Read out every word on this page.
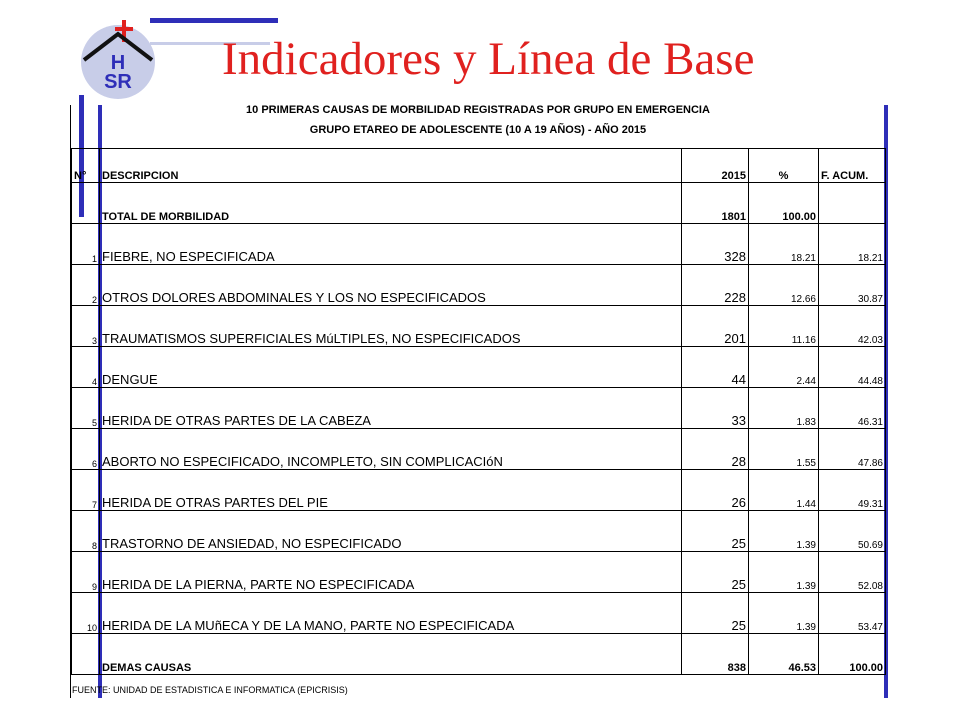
H
SR Indicadores y Línea de Base
10 PRIMERAS CAUSAS DE MORBILIDAD REGISTRADAS POR GRUPO EN EMERGENCIA
GRUPO ETAREO DE ADOLESCENTE (10 A 19 AÑOS) - AÑO 2015
N°	DESCRIPCION	2015	%	F. ACUM.
	TOTAL DE MORBILIDAD	1801	100.00	
1	FIEBRE, NO ESPECIFICADA	328	18.21	18.21
2	OTROS DOLORES ABDOMINALES Y LOS NO ESPECIFICADOS	228	12.66	30.87
3	TRAUMATISMOS SUPERFICIALES MúLTIPLES, NO ESPECIFICADOS	201	11.16	42.03
4	DENGUE	44	2.44	44.48
5	HERIDA DE OTRAS PARTES DE LA CABEZA	33	1.83	46.31
6	ABORTO NO ESPECIFICADO, INCOMPLETO, SIN COMPLICACIóN	28	1.55	47.86
7	HERIDA DE OTRAS PARTES DEL PIE	26	1.44	49.31
8	TRASTORNO DE ANSIEDAD, NO ESPECIFICADO	25	1.39	50.69
9	HERIDA DE LA PIERNA, PARTE NO ESPECIFICADA	25	1.39	52.08
10	HERIDA DE LA MUñECA Y DE LA MANO, PARTE NO ESPECIFICADA	25	1.39	53.47
	DEMAS CAUSAS	838	46.53	100.00
FUENTE: UNIDAD DE ESTADISTICA E INFORMATICA (EPICRISIS)
